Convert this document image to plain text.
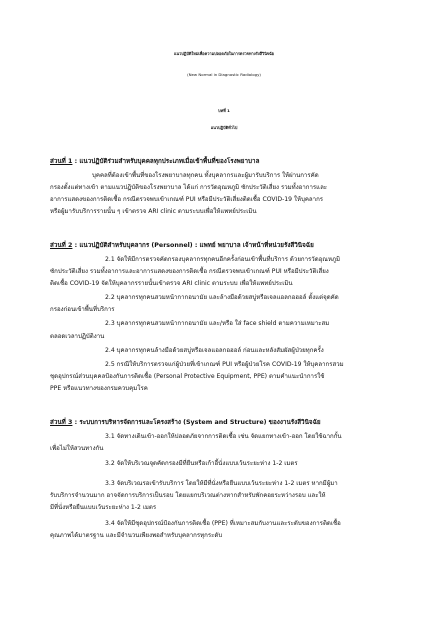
แนวปฏิบัติใหม่เพื่อความปลอดภัยในการตรวจทางรังสีวินิจฉัย
(New Normal in Diagnostic Radiology)
บทที่ 1
แนวปฏิบัติทั่วไป
ส่วนที่ 1 : แนวปฏิบัติร่วมสำหรับบุคคลทุกประเภทเมื่อเข้าพื้นที่ของโรงพยาบาล
บุคคลที่ต้องเข้าพื้นที่ของโรงพยาบาลทุกคน ทั้งบุคลากรและผู้มารับบริการ ให้ผ่านการคัด
กรองตั้งแต่ทางเข้า ตามแนวปฏิบัติของโรงพยาบาล ได้แก่ การวัดอุณหภูมิ ซักประวัติเสี่ยง รวมทั้งอาการและ
อาการแสดงของการติดเชื้อ กรณีตรวจพบเข้าเกณฑ์ PUI หรือมีประวัติเสี่ยงติดเชื้อ COVID-19 ให้บุคลากร
หรือผู้มารับบริการรายนั้น ๆ เข้าตรวจ ARI clinic ตามระบบเพื่อให้แพทย์ประเมิน
ส่วนที่ 2 : แนวปฏิบัติสำหรับบุคลากร (Personnel) : แพทย์ พยาบาล เจ้าหน้าที่หน่วยรังสีวินิจฉัย
2.1 จัดให้มีการตรวจคัดกรองบุคลากรทุกคนอีกครั้งก่อนเข้าพื้นที่บริการ ด้วยการวัดอุณหภูมิ
ซักประวัติเสี่ยง รวมทั้งอาการและอาการแสดงของการติดเชื้อ กรณีตรวจพบเข้าเกณฑ์ PUI หรือมีประวัติเสี่ยง
ติดเชื้อ COVID-19 จัดให้บุคลากรรายนั้นเข้าตรวจ ARI clinic ตามระบบ เพื่อให้แพทย์ประเมิน
2.2 บุคลากรทุกคนสวมหน้ากากอนามัย และล้างมือด้วยสบู่หรือเจลแอลกอฮอล์ ตั้งแต่จุดคัด
กรองก่อนเข้าพื้นที่บริการ
2.3 บุคลากรทุกคนสวมหน้ากากอนามัย และ/หรือ ใส่ face shield ตามความเหมาะสม
ตลอดเวลาปฏิบัติงาน
2.4 บุคลากรทุกคนล้างมือด้วยสบู่หรือเจลแอลกอฮอล์ ก่อนและหลังสัมผัสผู้ป่วยทุกครั้ง
2.5 กรณีให้บริการตรวจแก่ผู้ป่วยที่เข้าเกณฑ์ PUI หรือผู้ป่วยโรค COVID-19 ให้บุคลากรสวม
ชุดอุปกรณ์ส่วนบุคคลป้องกันการติดเชื้อ (Personal Protective Equipment, PPE) ตามคำแนะนำการใช้
PPE หรือแนวทางของกรมควบคุมโรค
ส่วนที่ 3 : ระบบการบริหารจัดการและโครงสร้าง (System and Structure) ของงานรังสีวินิจฉัย
3.1 จัดทางเดินเข้า-ออกให้ปลอดภัยจากการติดเชื้อ เช่น จัดแยกทางเข้า-ออก โดยใช้ฉากกั้น
เพื่อไม่ให้สวนทางกัน
3.2 จัดให้บริเวณจุดคัดกรองมีที่ยืนหรือเก้าอี้นั่งแบบเว้นระยะห่าง 1-2 เมตร
3.3 จัดบริเวณรอเข้ารับบริการ โดยให้มีที่นั่งหรือยืนแบบเว้นระยะห่าง 1-2 เมตร หากมีผู้มา
รับบริการจำนวนมาก อาจจัดการบริการเป็นรอบ โดยแยกบริเวณต่างหากสำหรับพักคอยระหว่างรอบ และให้
มีที่นั่งหรือยืนแบบเว้นระยะห่าง 1-2 เมตร
3.4 จัดให้มีชุดอุปกรณ์ป้องกันการติดเชื้อ (PPE) ที่เหมาะสมกับงานและระดับของการติดเชื้อ
คุณภาพได้มาตรฐาน และมีจำนวนเพียงพอสำหรับบุคลากรทุกระดับ
